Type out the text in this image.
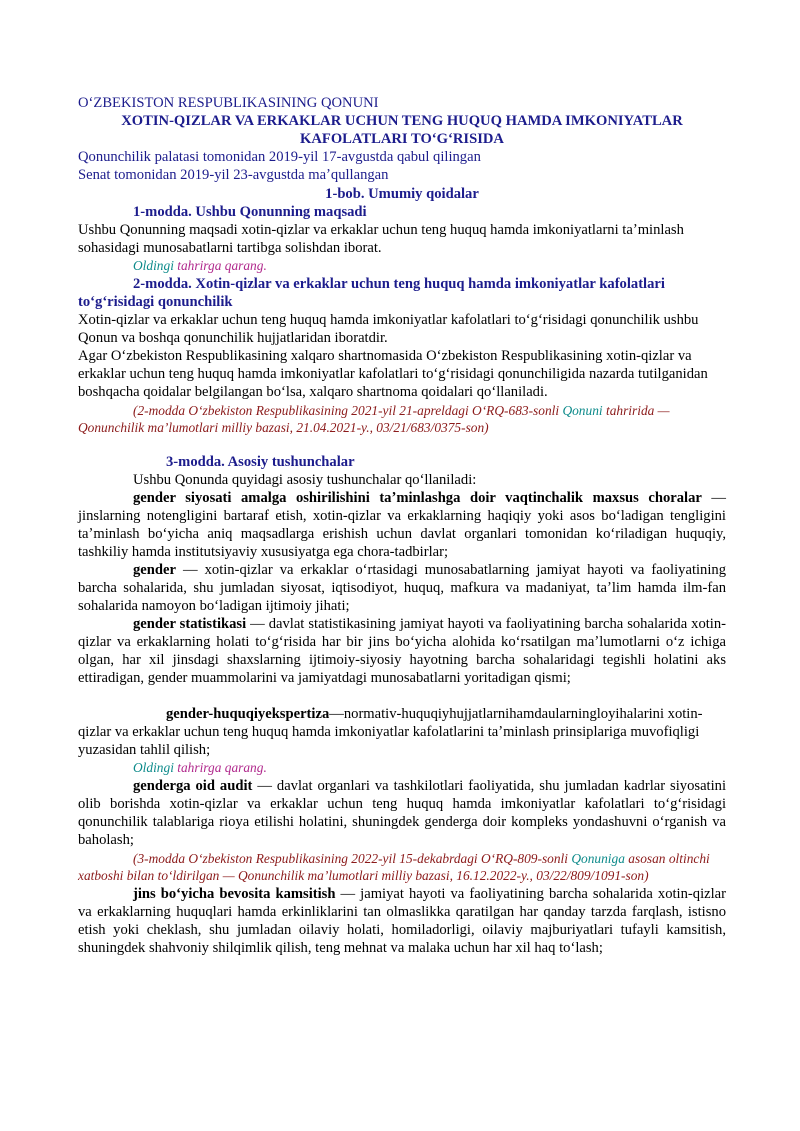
OʻZBEKISTON RESPUBLIKASINING QONUNI

XOTIN-QIZLAR VA ERKAKLAR UCHUN TENG HUQUQ HAMDA IMKONIYATLAR

KAFOLATLARI TOʻGʻRISIDA

Qonunchilik palatasi tomonidan 2019-yil 17-avgustda qabul qilingan

Senat tomonidan 2019-yil 23-avgustda maʼqullangan

1-bob. Umumiy qoidalar

1-modda. Ushbu Qonunning maqsadi

Ushbu Qonunning maqsadi xotin-qizlar va erkaklar uchun teng huquq hamda imkoniyatlarni taʼminlash sohasidagi munosabatlarni tartibga solishdan iborat.

Oldingi tahrirga qarang.

2-modda. Xotin-qizlar va erkaklar uchun teng huquq hamda imkoniyatlar kafolatlari toʻgʻrisidagi qonunchilik

Xotin-qizlar va erkaklar uchun teng huquq hamda imkoniyatlar kafolatlari toʻgʻrisidagi qonunchilik ushbu Qonun va boshqa qonunchilik hujjatlaridan iboratdir.

Agar Oʻzbekiston Respublikasining xalqaro shartnomasida Oʻzbekiston Respublikasining xotin-qizlar va erkaklar uchun teng huquq hamda imkoniyatlar kafolatlari toʻgʻrisidagi qonunchiligida nazarda tutilganidan boshqacha qoidalar belgilangan boʻlsa, xalqaro shartnoma qoidalari qoʻllaniladi.

(2-modda Oʻzbekiston Respublikasining 2021-yil 21-apreldagi OʻRQ-683-sonli Qonuni tahririda — Qonunchilik maʼlumotlari milliy bazasi, 21.04.2021-y., 03/21/683/0375-son)

3-modda. Asosiy tushunchalar

Ushbu Qonunda quyidagi asosiy tushunchalar qoʻllaniladi:

gender siyosati amalga oshirilishini taʼminlashga doir vaqtinchalik maxsus choralar — jinslarning notengligini bartaraf etish, xotin-qizlar va erkaklarning haqiqiy yoki asos boʻladigan tengligini taʼminlash boʻyicha aniq maqsadlarga erishish uchun davlat organlari tomonidan koʻriladigan huquqiy, tashkiliy hamda institutsiyaviy xususiyatga ega chora-tadbirlar;

gender — xotin-qizlar va erkaklar oʻrtasidagi munosabatlarning jamiyat hayoti va faoliyatining barcha sohalarida, shu jumladan siyosat, iqtisodiyot, huquq, mafkura va madaniyat, taʼlim hamda ilm-fan sohalarida namoyon boʻladigan ijtimoiy jihati;

gender statistikasi — davlat statistikasining jamiyat hayoti va faoliyatining barcha sohalarida xotin-qizlar va erkaklarning holati toʻgʻrisida har bir jins boʻyicha alohida koʻrsatilgan maʼlumotlarni oʻz ichiga olgan, har xil jinsdagi shaxslarning ijtimoiy-siyosiy hayotning barcha sohalaridagi tegishli holatini aks ettiradigan, gender muammolarini va jamiyatdagi munosabatlarni yoritadigan qismi;

gender-huquqiyekspertiza—normativ-huquqiyhujjatlarnihamdaularningloyihalarini xotin-qizlar va erkaklar uchun teng huquq hamda imkoniyatlar kafolatlarini taʼminlash prinsiplariga muvofiqligi yuzasidan tahlil qilish;

Oldingi tahrirga qarang.

genderga oid audit — davlat organlari va tashkilotlari faoliyatida, shu jumladan kadrlar siyosatini olib borishda xotin-qizlar va erkaklar uchun teng huquq hamda imkoniyatlar kafolatlari toʻgʻrisidagi qonunchilik talablariga rioya etilishi holatini, shuningdek genderga doir kompleks yondashuvni oʻrganish va baholash;

(3-modda Oʻzbekiston Respublikasining 2022-yil 15-dekabrdagi OʻRQ-809-sonli Qonuniga asosan oltinchi xatboshi bilan toʻldirilgan — Qonunchilik maʼlumotlari milliy bazasi, 16.12.2022-y., 03/22/809/1091-son)

jins boʻyicha bevosita kamsitish — jamiyat hayoti va faoliyatining barcha sohalarida xotin-qizlar va erkaklarning huquqlari hamda erkinliklarini tan olmaslikka qaratilgan har qanday tarzda farqlash, istisno etish yoki cheklash, shu jumladan oilaviy holati, homiladorligi, oilaviy majburiyatlari tufayli kamsitish, shuningdek shahvoniy shilqimlik qilish, teng mehnat va malaka uchun har xil haq toʻlash;
